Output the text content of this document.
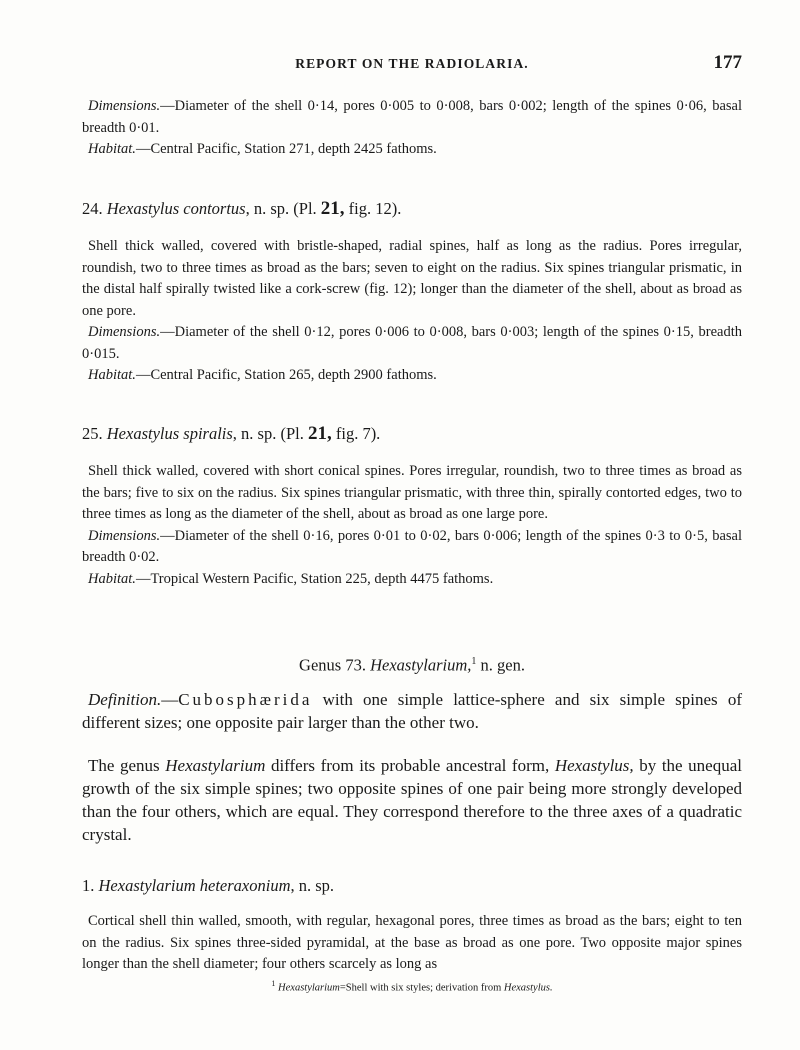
REPORT ON THE RADIOLARIA.	177

Dimensions.—Diameter of the shell 0·14, pores 0·005 to 0·008, bars 0·002; length of the spines 0·06, basal breadth 0·01.

Habitat.—Central Pacific, Station 271, depth 2425 fathoms.

24. Hexastylus contortus, n. sp. (Pl. 21, fig. 12).

Shell thick walled, covered with bristle-shaped, radial spines, half as long as the radius. Pores irregular, roundish, two to three times as broad as the bars; seven to eight on the radius. Six spines triangular prismatic, in the distal half spirally twisted like a cork-screw (fig. 12); longer than the diameter of the shell, about as broad as one pore.

Dimensions.—Diameter of the shell 0·12, pores 0·006 to 0·008, bars 0·003; length of the spines 0·15, breadth 0·015.

Habitat.—Central Pacific, Station 265, depth 2900 fathoms.

25. Hexastylus spiralis, n. sp. (Pl. 21, fig. 7).

Shell thick walled, covered with short conical spines. Pores irregular, roundish, two to three times as broad as the bars; five to six on the radius. Six spines triangular prismatic, with three thin, spirally contorted edges, two to three times as long as the diameter of the shell, about as broad as one large pore.

Dimensions.—Diameter of the shell 0·16, pores 0·01 to 0·02, bars 0·006; length of the spines 0·3 to 0·5, basal breadth 0·02.

Habitat.—Tropical Western Pacific, Station 225, depth 4475 fathoms.

Genus 73. Hexastylarium,$^1$ n. gen.

Definition.—Cubosphærida with one simple lattice-sphere and six simple spines of different sizes; one opposite pair larger than the other two.

The genus Hexastylarium differs from its probable ancestral form, Hexastylus, by the unequal growth of the six simple spines; two opposite spines of one pair being more strongly developed than the four others, which are equal. They correspond therefore to the three axes of a quadratic crystal.

1. Hexastylarium heteraxonium, n. sp.

Cortical shell thin walled, smooth, with regular, hexagonal pores, three times as broad as the bars; eight to ten on the radius. Six spines three-sided pyramidal, at the base as broad as one pore. Two opposite major spines longer than the shell diameter; four others scarcely as long as

$^1$ Hexastylarium=Shell with six styles; derivation from Hexastylus.
